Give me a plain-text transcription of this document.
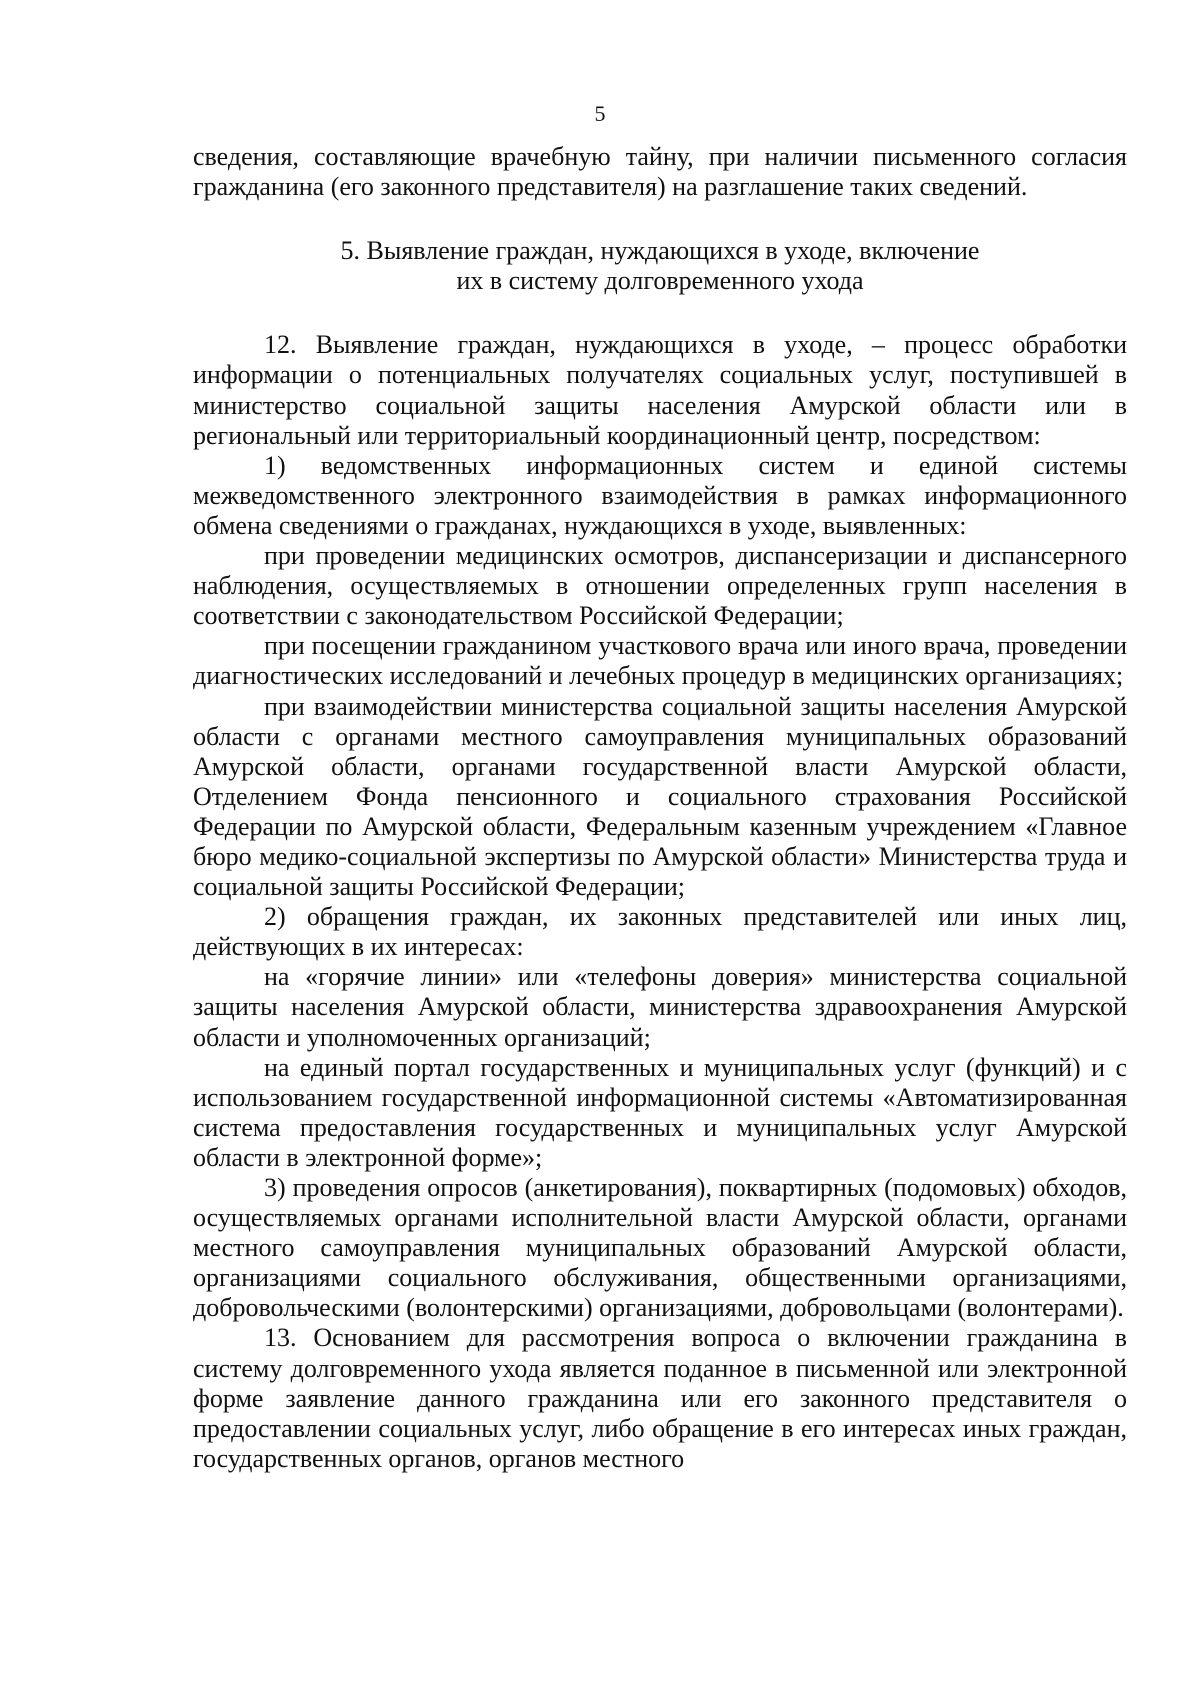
5

сведения, составляющие врачебную тайну, при наличии письменного согласия гражданина (его законного представителя) на разглашение таких сведений.

5. Выявление граждан, нуждающихся в уходе, включение
их в систему долговременного ухода

12. Выявление граждан, нуждающихся в уходе, – процесс обработки информации о потенциальных получателях социальных услуг, поступившей в министерство социальной защиты населения Амурской области или в региональный или территориальный координационный центр, посредством:

1) ведомственных информационных систем и единой системы межведомственного электронного взаимодействия в рамках информационного обмена сведениями о гражданах, нуждающихся в уходе, выявленных:

при проведении медицинских осмотров, диспансеризации и диспансерного наблюдения, осуществляемых в отношении определенных групп населения в соответствии с законодательством Российской Федерации;

при посещении гражданином участкового врача или иного врача, проведении диагностических исследований и лечебных процедур в медицинских организациях;

при взаимодействии министерства социальной защиты населения Амурской области с органами местного самоуправления муниципальных образований Амурской области, органами государственной власти Амурской области, Отделением Фонда пенсионного и социального страхования Российской Федерации по Амурской области, Федеральным казенным учреждением «Главное бюро медико-социальной экспертизы по Амурской области» Министерства труда и социальной защиты Российской Федерации;

2) обращения граждан, их законных представителей или иных лиц, действующих в их интересах:

на «горячие линии» или «телефоны доверия» министерства социальной защиты населения Амурской области, министерства здравоохранения Амурской области и уполномоченных организаций;

на единый портал государственных и муниципальных услуг (функций) и с использованием государственной информационной системы «Автоматизированная система предоставления государственных и муниципальных услуг Амурской области в электронной форме»;

3) проведения опросов (анкетирования), поквартирных (подомовых) обходов, осуществляемых органами исполнительной власти Амурской области, органами местного самоуправления муниципальных образований Амурской области, организациями социального обслуживания, общественными организациями, добровольческими (волонтерскими) организациями, добровольцами (волонтерами).

13. Основанием для рассмотрения вопроса о включении гражданина в систему долговременного ухода является поданное в письменной или электронной форме заявление данного гражданина или его законного представителя о предоставлении социальных услуг, либо обращение в его интересах иных граждан, государственных органов, органов местного
